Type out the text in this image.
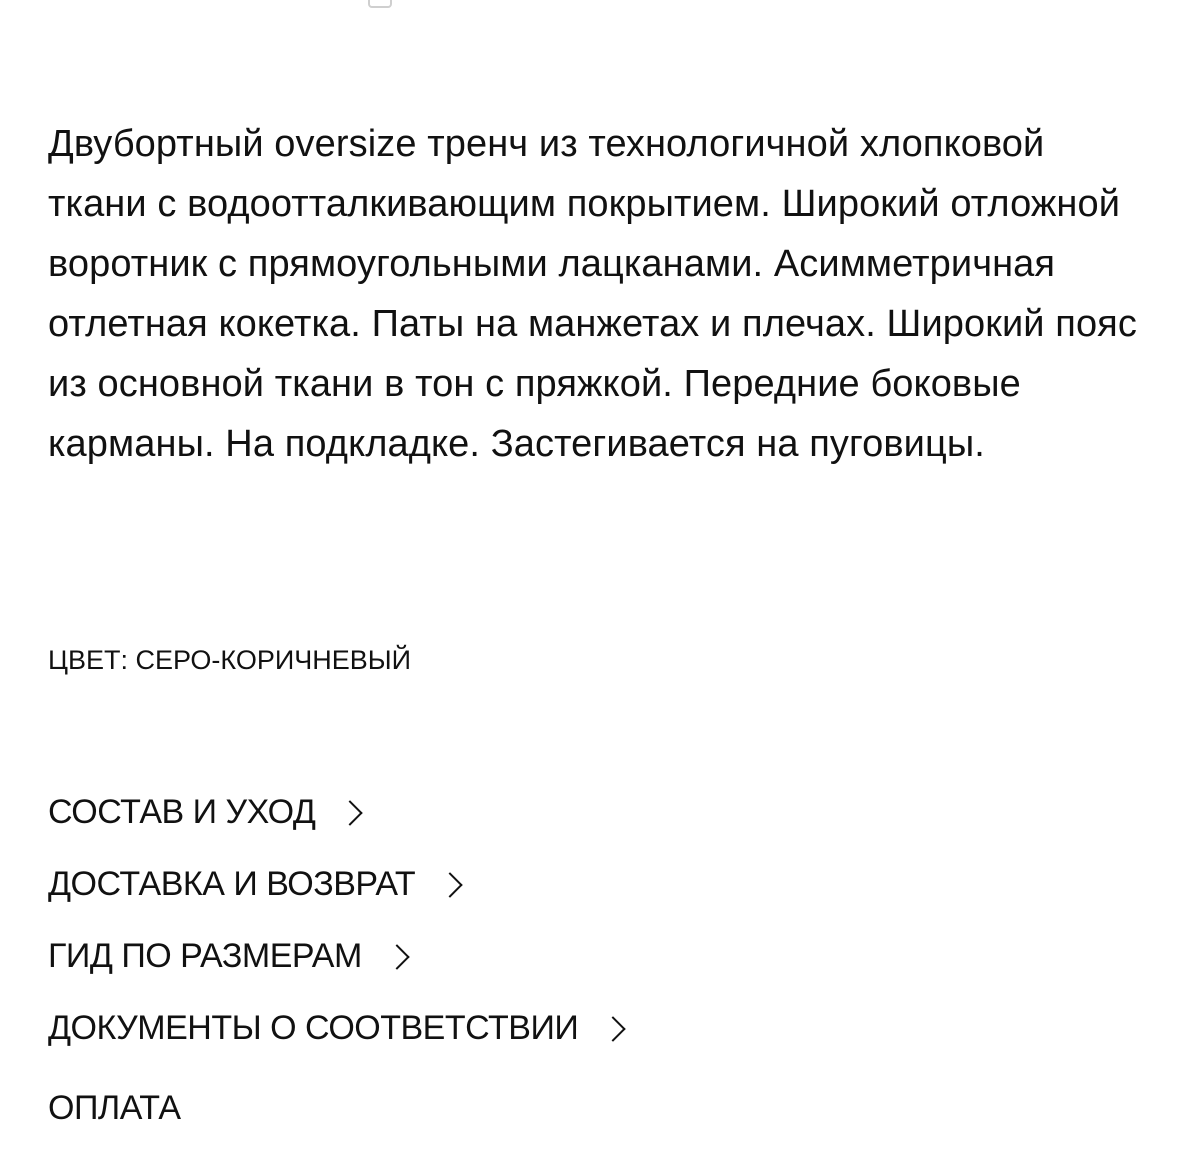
Двубортный oversize тренч из технологичной хлопковой ткани с водоотталкивающим покрытием. Широкий отложной воротник с прямоугольными лацканами. Асимметричная отлетная кокетка. Паты на манжетах и плечах. Широкий пояс из основной ткани в тон с пряжкой. Передние боковые карманы. На подкладке. Застегивается на пуговицы.

ЦВЕТ: СЕРО-КОРИЧНЕВЫЙ

СОСТАВ И УХОД
ДОСТАВКА И ВОЗВРАТ
ГИД ПО РАЗМЕРАМ
ДОКУМЕНТЫ О СООТВЕТСТВИИ

ОПЛАТА
